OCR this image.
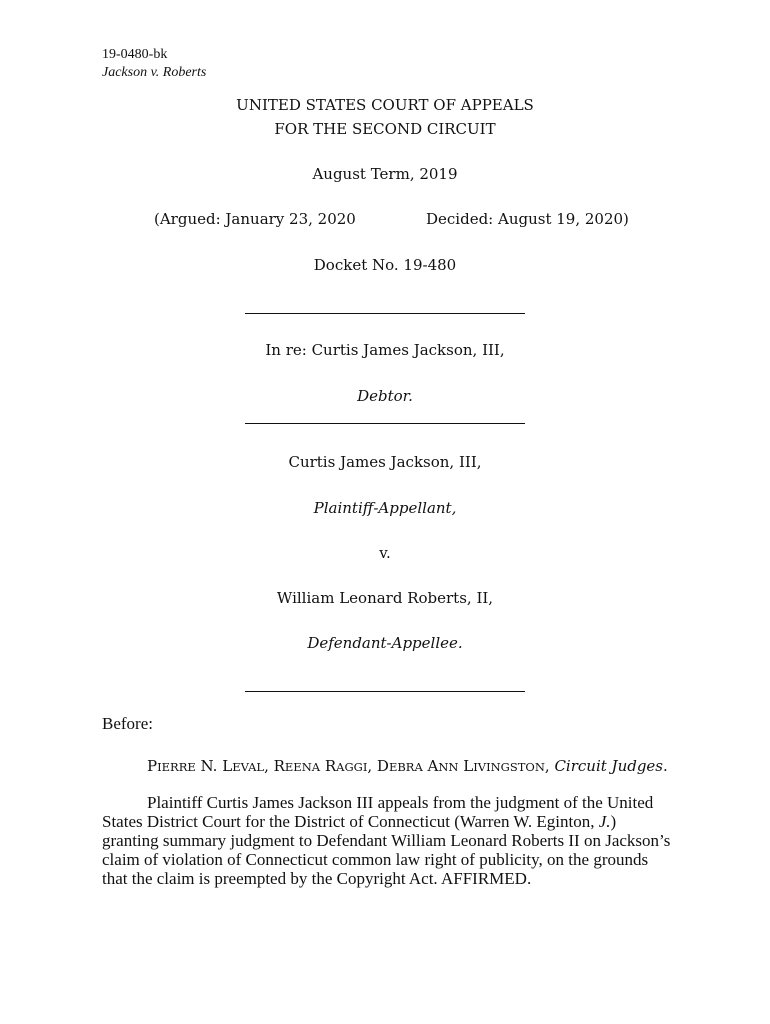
19-0480-bk
Jackson v. Roberts
UNITED STATES COURT OF APPEALS
FOR THE SECOND CIRCUIT
August Term, 2019
(Argued: January 23, 2020	Decided: August 19, 2020)
Docket No. 19-480
In re: Curtis James Jackson, III,
Debtor.
Curtis James Jackson, III,
Plaintiff-Appellant,
v.
William Leonard Roberts, II,
Defendant-Appellee.
Before:
PIERRE N. LEVAL, REENA RAGGI, DEBRA ANN LIVINGSTON, Circuit Judges.
Plaintiff Curtis James Jackson III appeals from the judgment of the United States District Court for the District of Connecticut (Warren W. Eginton, J.) granting summary judgment to Defendant William Leonard Roberts II on Jackson’s claim of violation of Connecticut common law right of publicity, on the grounds that the claim is preempted by the Copyright Act. AFFIRMED.
